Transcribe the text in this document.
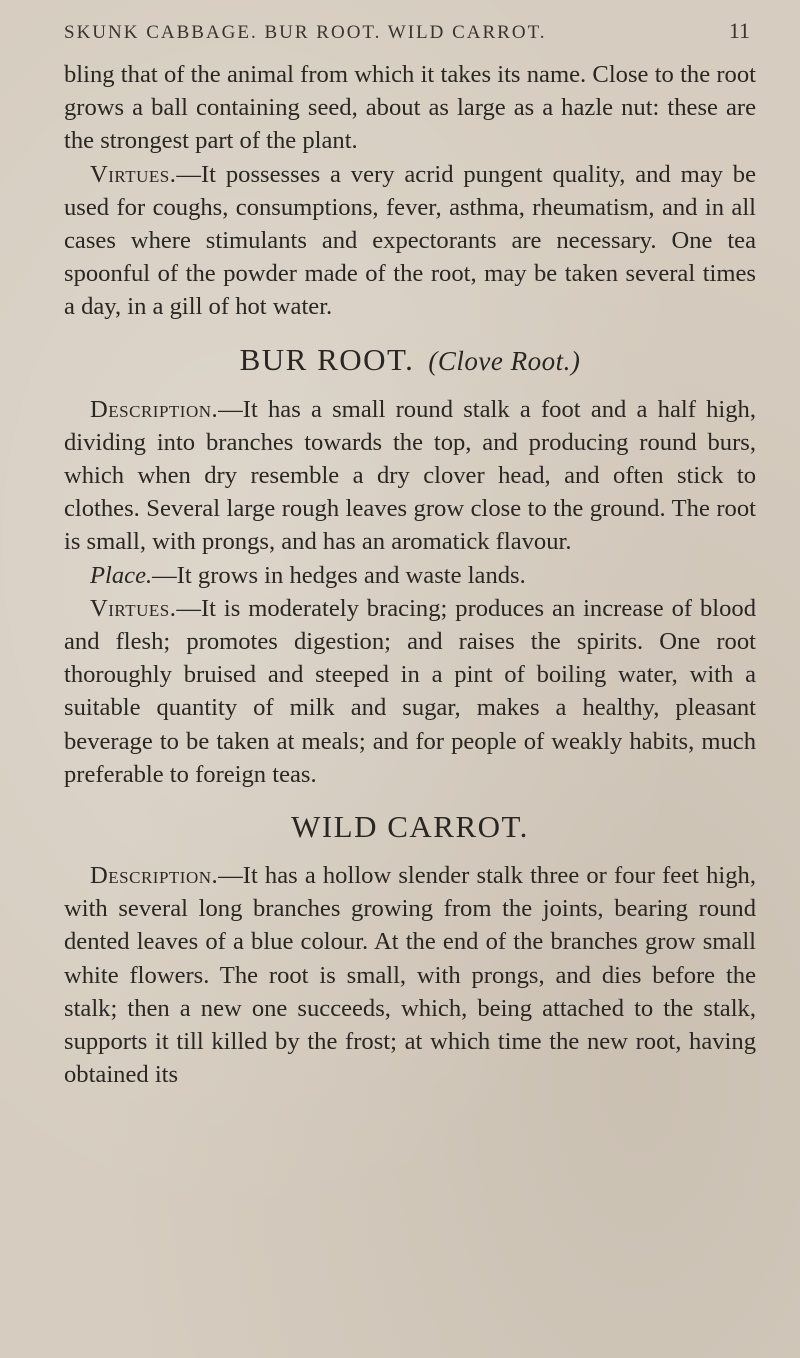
SKUNK CABBAGE. BUR ROOT. WILD CARROT.	11

bling that of the animal from which it takes its name. Close to the root grows a ball containing seed, about as large as a hazle nut: these are the strongest part of the plant.

Virtues.—It possesses a very acrid pungent quality, and may be used for coughs, consumptions, fever, asthma, rheumatism, and in all cases where stimulants and expectorants are necessary. One tea spoonful of the powder made of the root, may be taken several times a day, in a gill of hot water.

BUR ROOT. (Clove Root.)

Description.—It has a small round stalk a foot and a half high, dividing into branches towards the top, and producing round burs, which when dry resemble a dry clover head, and often stick to clothes. Several large rough leaves grow close to the ground. The root is small, with prongs, and has an aromatick flavour.

Place.—It grows in hedges and waste lands.

Virtues.—It is moderately bracing; produces an increase of blood and flesh; promotes digestion; and raises the spirits. One root thoroughly bruised and steeped in a pint of boiling water, with a suitable quantity of milk and sugar, makes a healthy, pleasant beverage to be taken at meals; and for people of weakly habits, much preferable to foreign teas.

WILD CARROT.

Description.—It has a hollow slender stalk three or four feet high, with several long branches growing from the joints, bearing round dented leaves of a blue colour. At the end of the branches grow small white flowers. The root is small, with prongs, and dies before the stalk; then a new one succeeds, which, being attached to the stalk, supports it till killed by the frost; at which time the new root, having obtained its
